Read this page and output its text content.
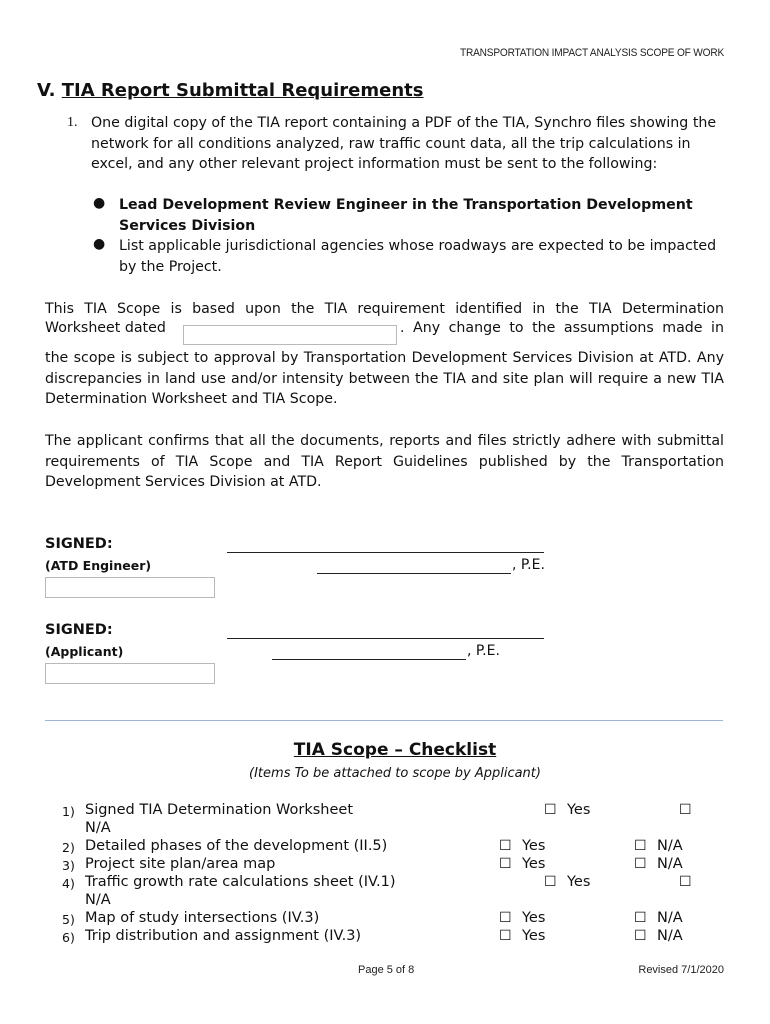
TRANSPORTATION IMPACT ANALYSIS SCOPE OF WORK
V. TIA Report Submittal Requirements
1. One digital copy of the TIA report containing a PDF of the TIA, Synchro files showing the network for all conditions analyzed, raw traffic count data, all the trip calculations in excel, and any other relevant project information must be sent to the following:
● Lead Development Review Engineer in the Transportation Development Services Division
● List applicable jurisdictional agencies whose roadways are expected to be impacted by the Project.
This TIA Scope is based upon the TIA requirement identified in the TIA Determination
Worksheet dated	. Any change to the assumptions made in
the scope is subject to approval by Transportation Development Services Division at ATD. Any discrepancies in land use and/or intensity between the TIA and site plan will require a new TIA Determination Worksheet and TIA Scope.
The applicant confirms that all the documents, reports and files strictly adhere with submittal requirements of TIA Scope and TIA Report Guidelines published by the Transportation Development Services Division at ATD.
SIGNED:
(ATD Engineer)	, P.E.
SIGNED:
(Applicant)	, P.E.
TIA Scope – Checklist
(Items To be attached to scope by Applicant)
1) Signed TIA Determination Worksheet	☐ Yes	☐
N/A
2) Detailed phases of the development (II.5)	☐ Yes	☐ N/A
3) Project site plan/area map	☐ Yes	☐ N/A
4) Traffic growth rate calculations sheet (IV.1)	☐ Yes	☐
N/A
5) Map of study intersections (IV.3)	☐ Yes	☐ N/A
6) Trip distribution and assignment (IV.3)	☐ Yes	☐ N/A
Page 5 of 8	Revised 7/1/2020
